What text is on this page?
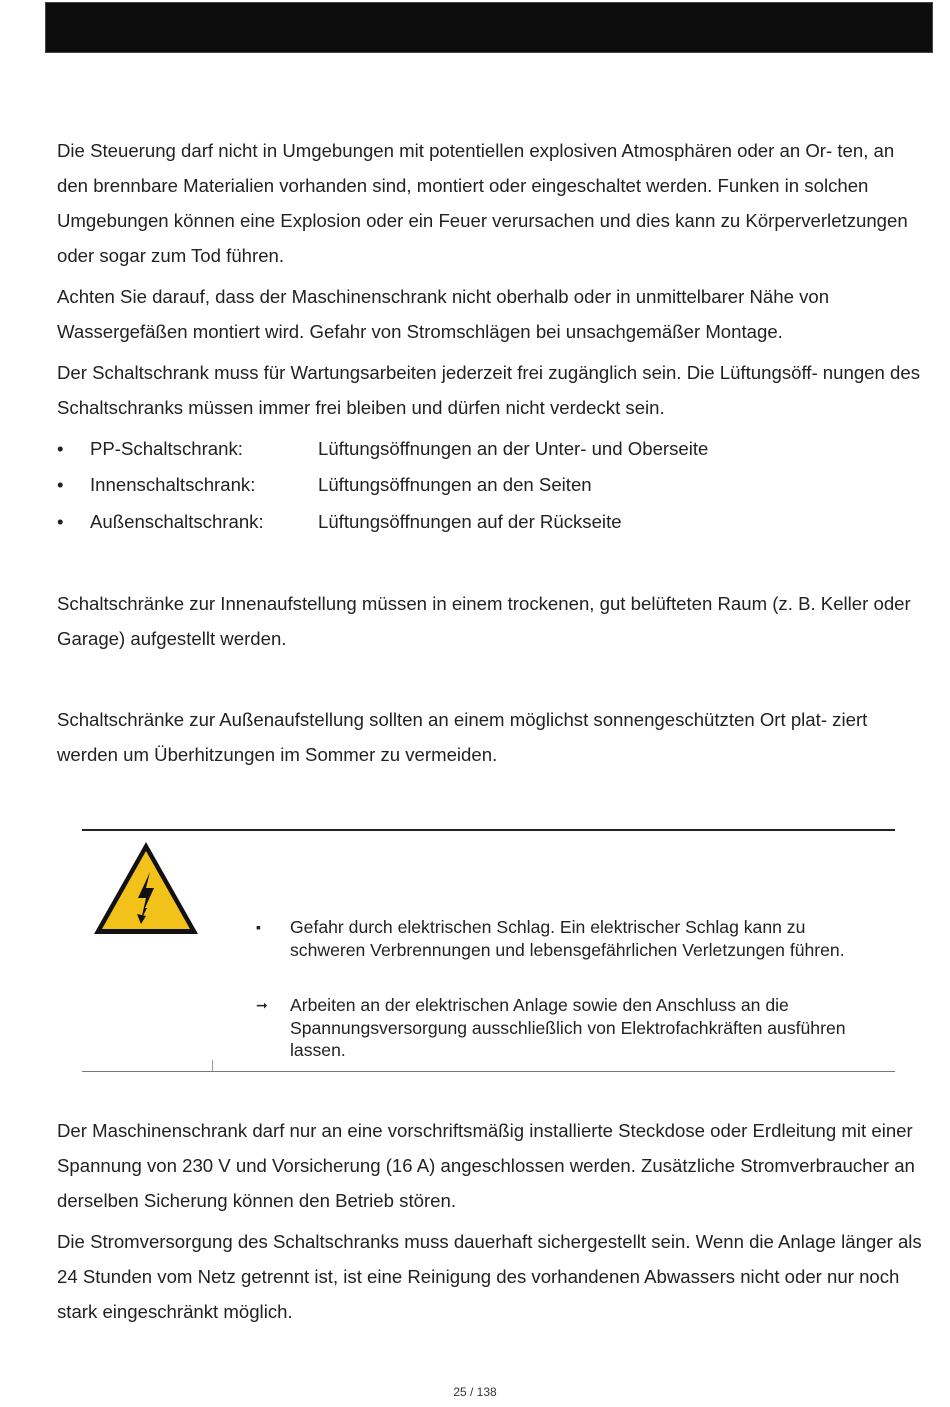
Die Steuerung darf nicht in Umgebungen mit potentiellen explosiven Atmosphären oder an Or- ten, an den brennbare Materialien vorhanden sind, montiert oder eingeschaltet werden. Funken in solchen Umgebungen können eine Explosion oder ein Feuer verursachen und dies kann zu Körperverletzungen oder sogar zum Tod führen.

Achten Sie darauf, dass der Maschinenschrank nicht oberhalb oder in unmittelbarer Nähe von Wassergefäßen montiert wird. Gefahr von Stromschlägen bei unsachgemäßer Montage.

Der Schaltschrank muss für Wartungsarbeiten jederzeit frei zugänglich sein. Die Lüftungsöff- nungen des Schaltschranks müssen immer frei bleiben und dürfen nicht verdeckt sein.

•	PP-Schaltschrank:	Lüftungsöffnungen an der Unter- und Oberseite
•	Innenschaltschrank:	Lüftungsöffnungen an den Seiten
•	Außenschaltschrank:	Lüftungsöffnungen auf der Rückseite

Schaltschränke zur Innenaufstellung müssen in einem trockenen, gut belüfteten Raum (z. B. Keller oder Garage) aufgestellt werden.

Schaltschränke zur Außenaufstellung sollten an einem möglichst sonnengeschützten Ort plat- ziert werden um Überhitzungen im Sommer zu vermeiden.

▪	Gefahr durch elektrischen Schlag. Ein elektrischer Schlag kann zu schweren Verbrennungen und lebensgefährlichen Verletzungen führen.
➞	Arbeiten an der elektrischen Anlage sowie den Anschluss an die Spannungsversorgung ausschließlich von Elektrofachkräften ausführen lassen.

Der Maschinenschrank darf nur an eine vorschriftsmäßig installierte Steckdose oder Erdleitung mit einer Spannung von 230 V und Vorsicherung (16 A) angeschlossen werden. Zusätzliche Stromverbraucher an derselben Sicherung können den Betrieb stören.

Die Stromversorgung des Schaltschranks muss dauerhaft sichergestellt sein. Wenn die Anlage länger als 24 Stunden vom Netz getrennt ist, ist eine Reinigung des vorhandenen Abwassers nicht oder nur noch stark eingeschränkt möglich.

25 / 138
